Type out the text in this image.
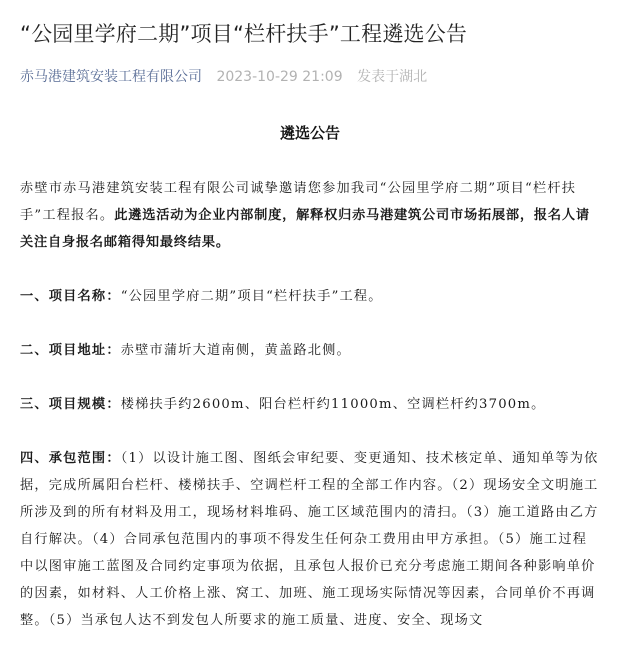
“公园里学府二期”项目“栏杆扶手”工程遴选公告
赤马港建筑安装工程有限公司 2023-10-29 21:09 发表于湖北
遴选公告
赤壁市赤马港建筑安装工程有限公司诚挚邀请您参加我司“公园里学府二期”项目“栏杆扶手”工程报名。此遴选活动为企业内部制度，解释权归赤马港建筑公司市场拓展部，报名人请关注自身报名邮箱得知最终结果。
一、项目名称：“公园里学府二期”项目“栏杆扶手”工程。
二、项目地址：赤壁市蒲圻大道南侧，黄盖路北侧。
三、项目规模：楼梯扶手约2600m、阳台栏杆约11000m、空调栏杆约3700m。
四、承包范围：（1）以设计施工图、图纸会审纪要、变更通知、技术核定单、通知单等为依据，完成所属阳台栏杆、楼梯扶手、空调栏杆工程的全部工作内容。（2）现场安全文明施工所涉及到的所有材料及用工，现场材料堆码、施工区域范围内的清扫。（3）施工道路由乙方自行解决。（4）合同承包范围内的事项不得发生任何杂工费用由甲方承担。（5）施工过程中以图审施工蓝图及合同约定事项为依据，且承包人报价已充分考虑施工期间各种影响单价的因素，如材料、人工价格上涨、窝工、加班、施工现场实际情况等因素，合同单价不再调整。（5）当承包人达不到发包人所要求的施工质量、进度、安全、现场文
